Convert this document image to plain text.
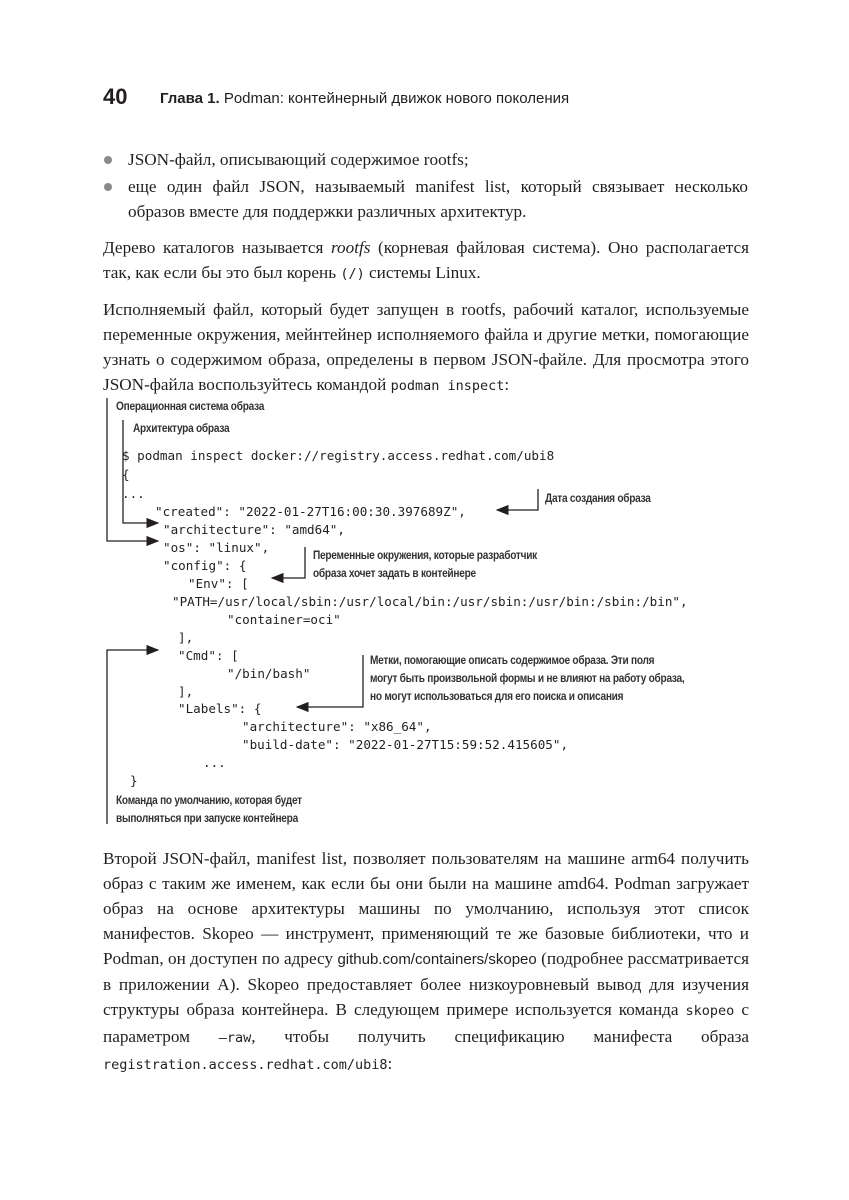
40 Глава 1. Podman: контейнерный движок нового поколения
JSON-файл, описывающий содержимое rootfs;
еще один файл JSON, называемый manifest list, который связывает несколько образов вместе для поддержки различных архитектур.
Дерево каталогов называется rootfs (корневая файловая система). Оно располагается так, как если бы это был корень (/) системы Linux.
Исполняемый файл, который будет запущен в rootfs, рабочий каталог, используемые переменные окружения, мейнтейнер исполняемого файла и другие метки, помогающие узнать о содержимом образа, определены в первом JSON-файле. Для просмотра этого JSON-файла воспользуйтесь командой podman inspect:
Операционная система образа
Архитектура образа
Дата создания образа
Переменные окружения, которые разработчик
образа хочет задать в контейнере
Метки, помогающие описать содержимое образа. Эти поля
могут быть произвольной формы и не влияют на работу образа,
но могут использоваться для его поиска и описания
Команда по умолчанию, которая будет
выполняться при запуске контейнера
$ podman inspect docker://registry.access.redhat.com/ubi8
{
...
"created": "2022-01-27T16:00:30.397689Z",
"architecture": "amd64",
"os": "linux",
"config": {
"Env": [
"PATH=/usr/local/sbin:/usr/local/bin:/usr/sbin:/usr/bin:/sbin:/bin",
"container=oci"
],
"Cmd": [
"/bin/bash"
],
"Labels": {
"architecture": "x86_64",
"build-date": "2022-01-27T15:59:52.415605",
...
}
Второй JSON-файл, manifest list, позволяет пользователям на машине arm64 получить образ с таким же именем, как если бы они были на машине amd64. Podman загружает образ на основе архитектуры машины по умолчанию, используя этот список манифестов. Skopeo — инструмент, применяющий те же базовые библиотеки, что и Podman, он доступен по адресу github.com/containers/skopeo (подробнее рассматривается в приложении A). Skopeo предоставляет более низкоуровневый вывод для изучения структуры образа контейнера. В следующем примере используется команда skopeo с параметром –raw, чтобы получить спецификацию манифеста образа registration.access.redhat.com/ubi8:
